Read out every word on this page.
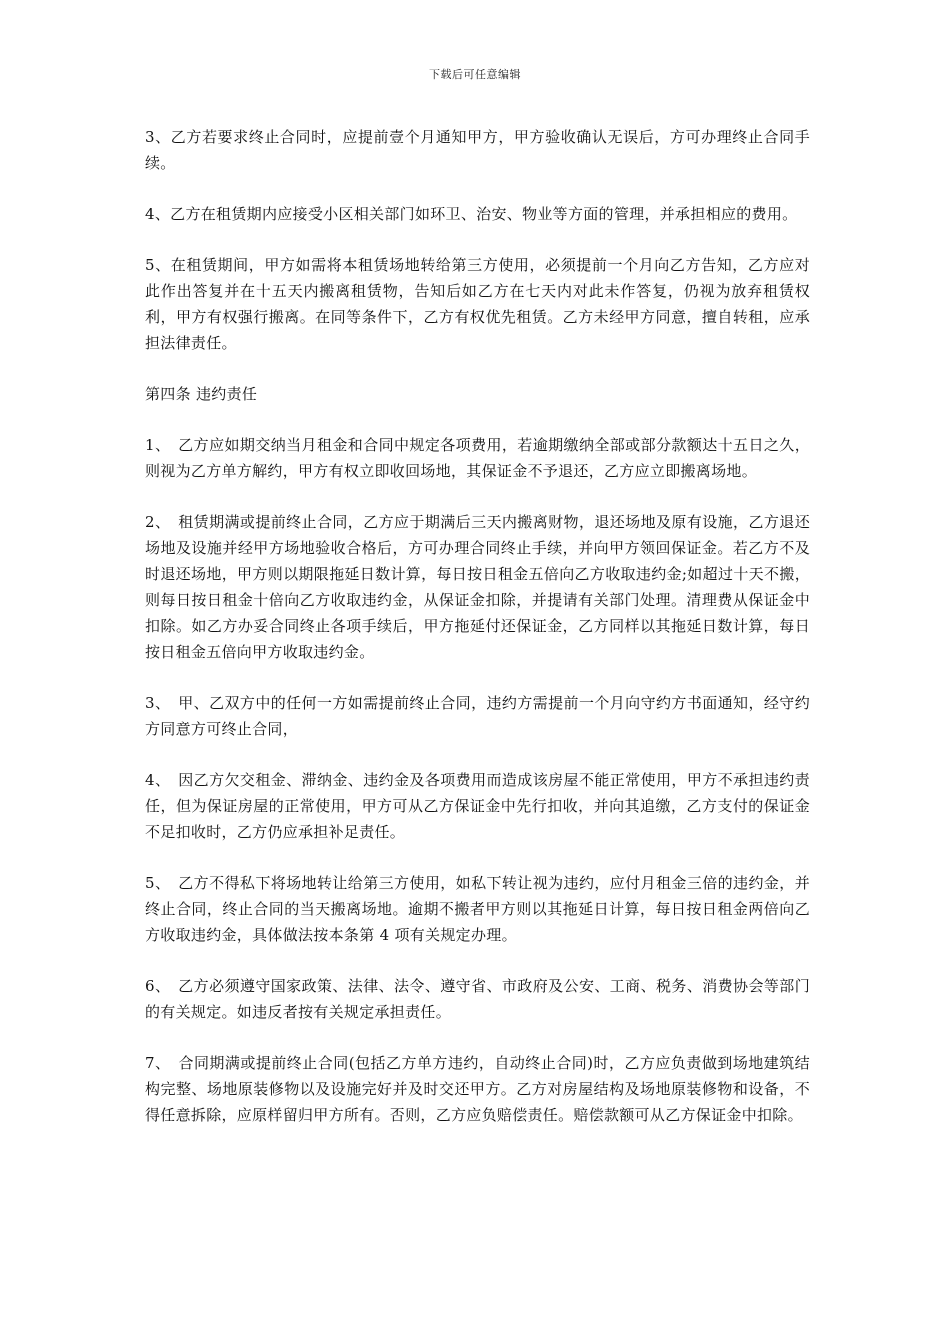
下载后可任意编辑

3、乙方若要求终止合同时，应提前壹个月通知甲方，甲方验收确认无误后，方可办理终止合同手续。

4、乙方在租赁期内应接受小区相关部门如环卫、治安、物业等方面的管理，并承担相应的费用。

5、在租赁期间，甲方如需将本租赁场地转给第三方使用，必须提前一个月向乙方告知，乙方应对此作出答复并在十五天内搬离租赁物，告知后如乙方在七天内对此未作答复，仍视为放弃租赁权利，甲方有权强行搬离。在同等条件下，乙方有权优先租赁。乙方未经甲方同意，擅自转租，应承担法律责任。

第四条 违约责任

1、　乙方应如期交纳当月租金和合同中规定各项费用，若逾期缴纳全部或部分款额达十五日之久，则视为乙方单方解约，甲方有权立即收回场地，其保证金不予退还，乙方应立即搬离场地。

2、　租赁期满或提前终止合同，乙方应于期满后三天内搬离财物，退还场地及原有设施，乙方退还场地及设施并经甲方场地验收合格后，方可办理合同终止手续，并向甲方领回保证金。若乙方不及时退还场地，甲方则以期限拖延日数计算，每日按日租金五倍向乙方收取违约金;如超过十天不搬，则每日按日租金十倍向乙方收取违约金，从保证金扣除，并提请有关部门处理。清理费从保证金中扣除。如乙方办妥合同终止各项手续后，甲方拖延付还保证金，乙方同样以其拖延日数计算，每日按日租金五倍向甲方收取违约金。

3、　甲、乙双方中的任何一方如需提前终止合同，违约方需提前一个月向守约方书面通知，经守约方同意方可终止合同，

4、　因乙方欠交租金、滞纳金、违约金及各项费用而造成该房屋不能正常使用，甲方不承担违约责任，但为保证房屋的正常使用，甲方可从乙方保证金中先行扣收，并向其追缴，乙方支付的保证金不足扣收时，乙方仍应承担补足责任。

5、　乙方不得私下将场地转让给第三方使用，如私下转让视为违约，应付月租金三倍的违约金，并终止合同，终止合同的当天搬离场地。逾期不搬者甲方则以其拖延日计算，每日按日租金两倍向乙方收取违约金，具体做法按本条第 4 项有关规定办理。

6、　乙方必须遵守国家政策、法律、法令、遵守省、市政府及公安、工商、税务、消费协会等部门的有关规定。如违反者按有关规定承担责任。

7、　合同期满或提前终止合同(包括乙方单方违约，自动终止合同)时，乙方应负责做到场地建筑结构完整、场地原装修物以及设施完好并及时交还甲方。乙方对房屋结构及场地原装修物和设备，不得任意拆除，应原样留归甲方所有。否则，乙方应负赔偿责任。赔偿款额可从乙方保证金中扣除。
